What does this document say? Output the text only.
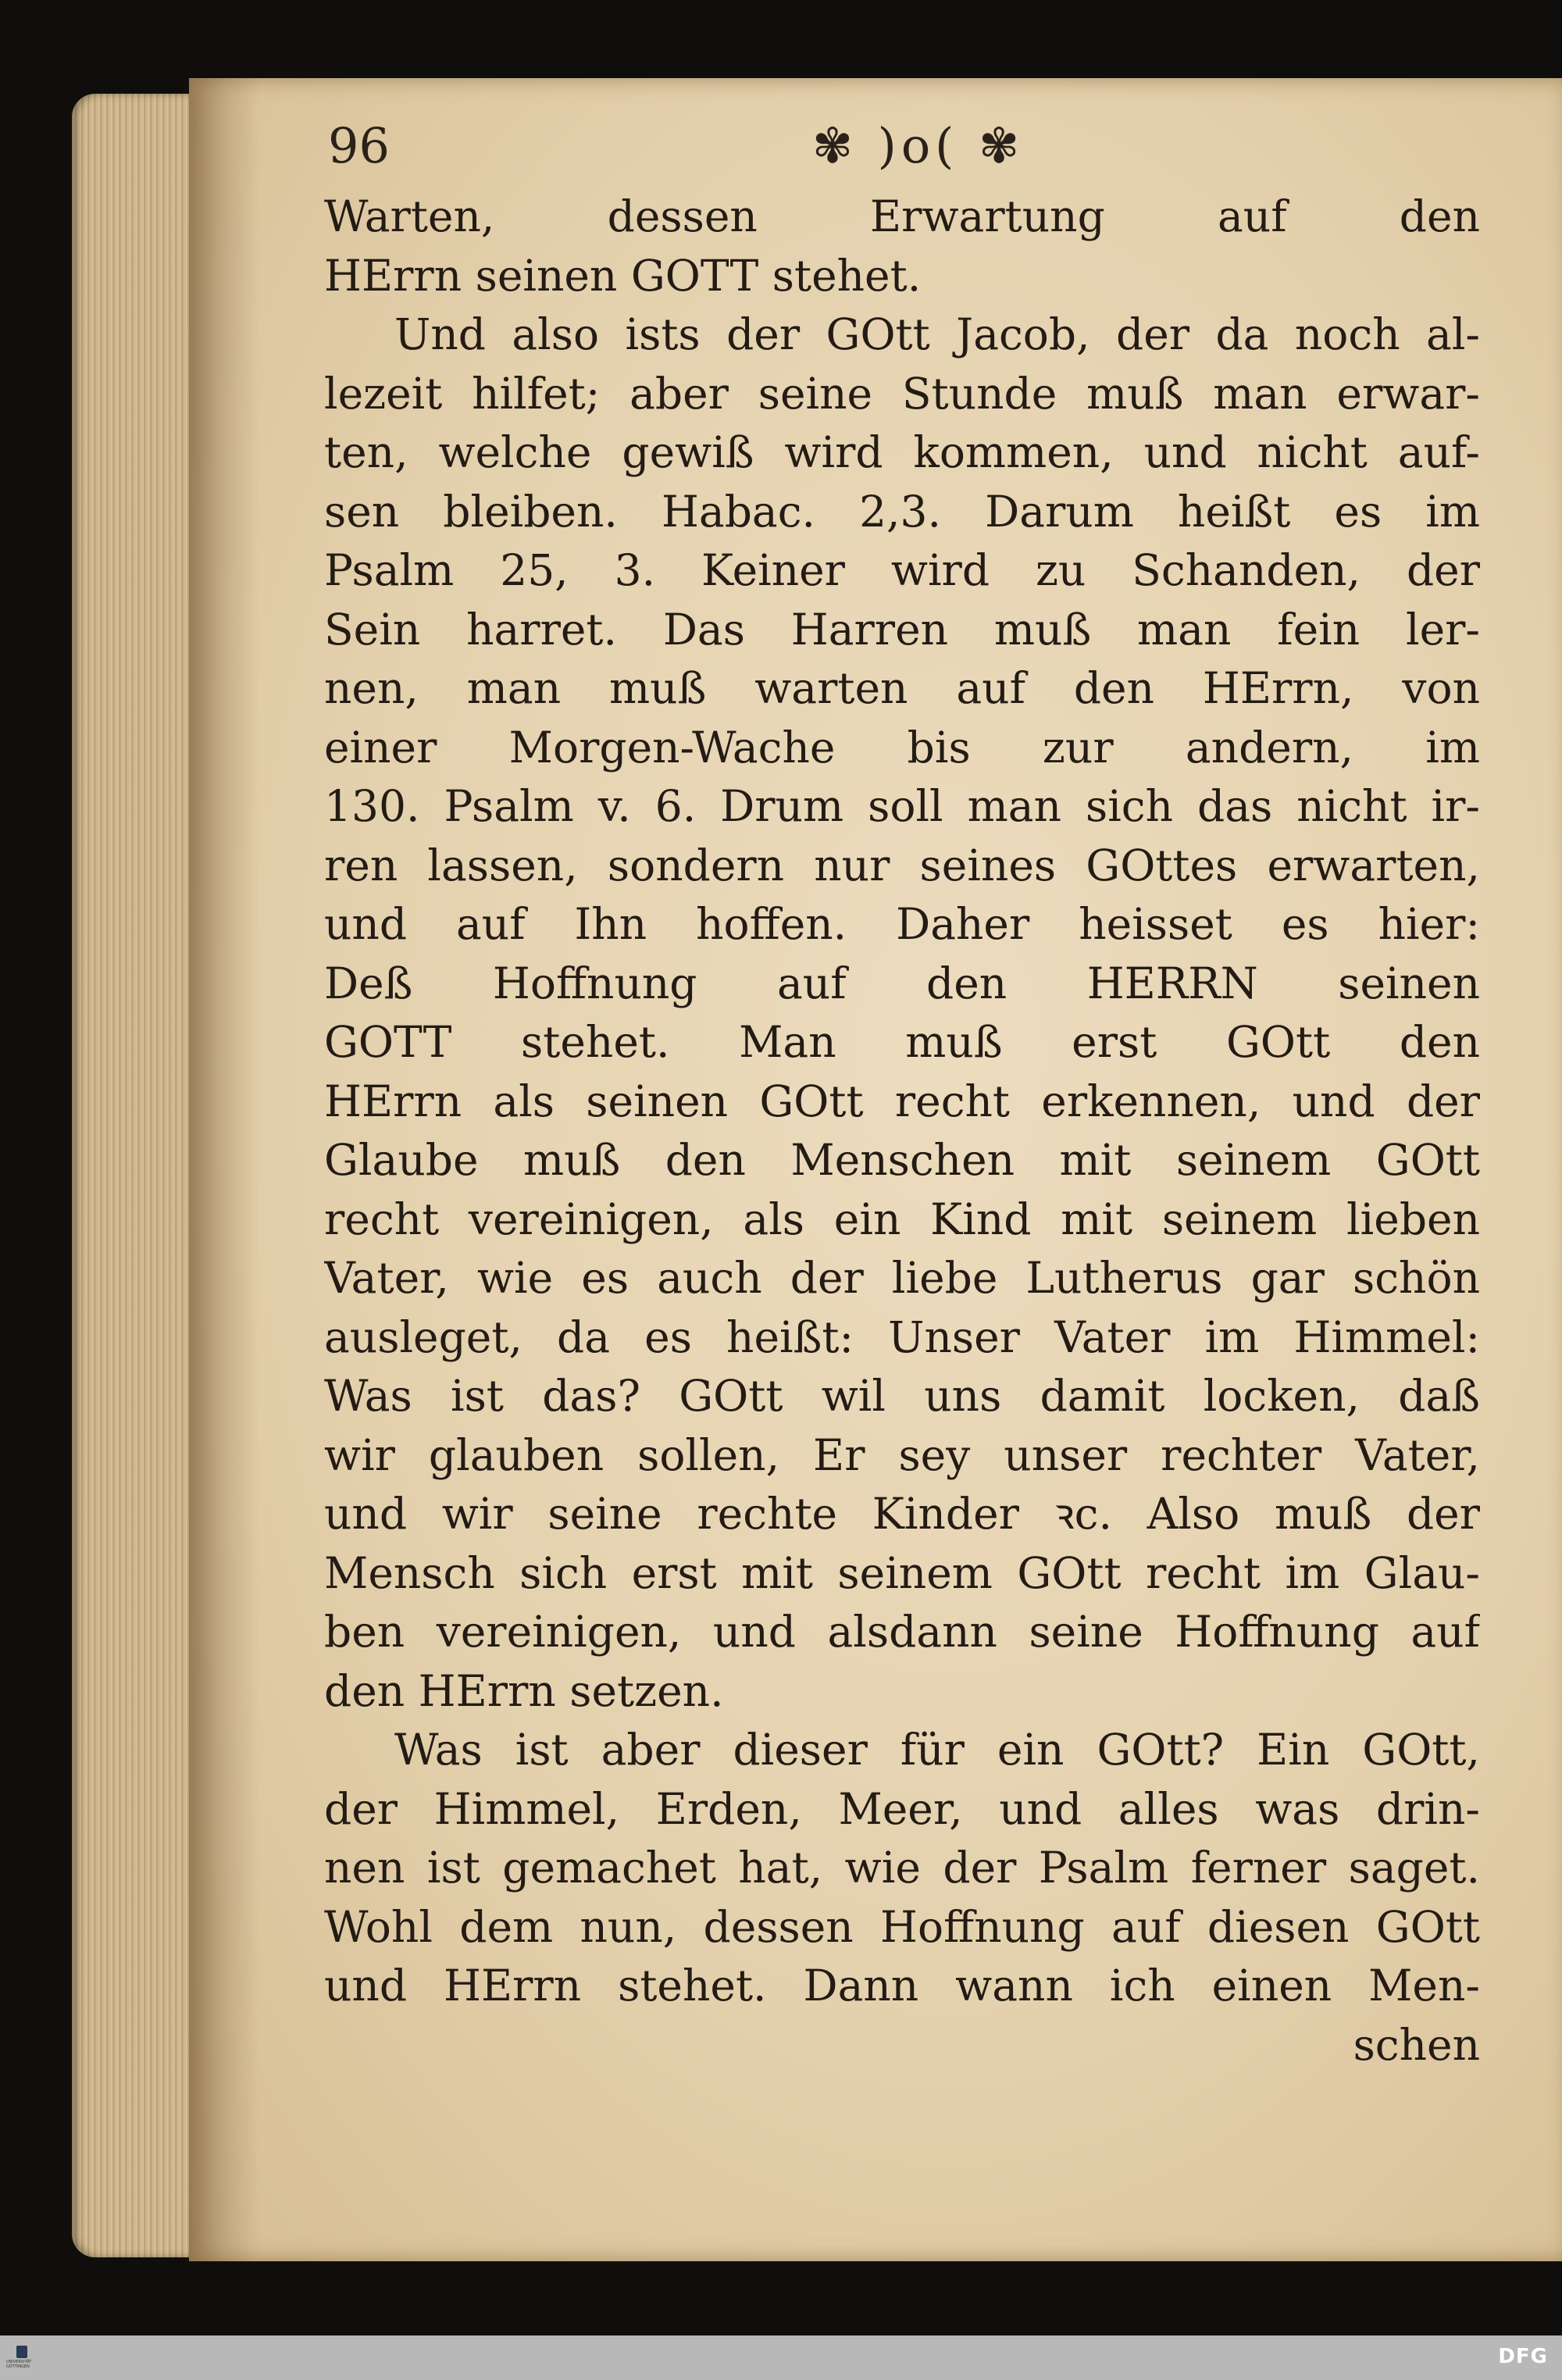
96	✾ )o( ✾
Warten, dessen Erwartung auf den
HErrn seinen GOTT stehet.
Und also ists der GOtt Jacob, der da noch al-
lezeit hilfet; aber seine Stunde muß man erwar-
ten, welche gewiß wird kommen, und nicht auf-
sen bleiben. Habac. 2,3. Darum heißt es im
Psalm 25, 3. Keiner wird zu Schanden, der
Sein harret. Das Harren muß man fein ler-
nen, man muß warten auf den HErrn, von
einer Morgen-Wache bis zur andern, im
130. Psalm v. 6. Drum soll man sich das nicht ir-
ren lassen, sondern nur seines GOttes erwarten,
und auf Ihn hoffen. Daher heisset es hier:
Deß Hoffnung auf den HERRN seinen
GOTT stehet. Man muß erst GOtt den
HErrn als seinen GOtt recht erkennen, und der
Glaube muß den Menschen mit seinem GOtt
recht vereinigen, als ein Kind mit seinem lieben
Vater, wie es auch der liebe Lutherus gar schön
ausleget, da es heißt: Unser Vater im Himmel:
Was ist das? GOtt wil uns damit locken, daß
wir glauben sollen, Er sey unser rechter Vater,
und wir seine rechte Kinder ꝛc. Also muß der
Mensch sich erst mit seinem GOtt recht im Glau-
ben vereinigen, und alsdann seine Hoffnung auf
den HErrn setzen.
Was ist aber dieser für ein GOtt? Ein GOtt,
der Himmel, Erden, Meer, und alles was drin-
nen ist gemachet hat, wie der Psalm ferner saget.
Wohl dem nun, dessen Hoffnung auf diesen GOtt
und HErrn stehet. Dann wann ich einen Men-
schen
UNIVERSITÄT GÖTTINGEN	DFG
